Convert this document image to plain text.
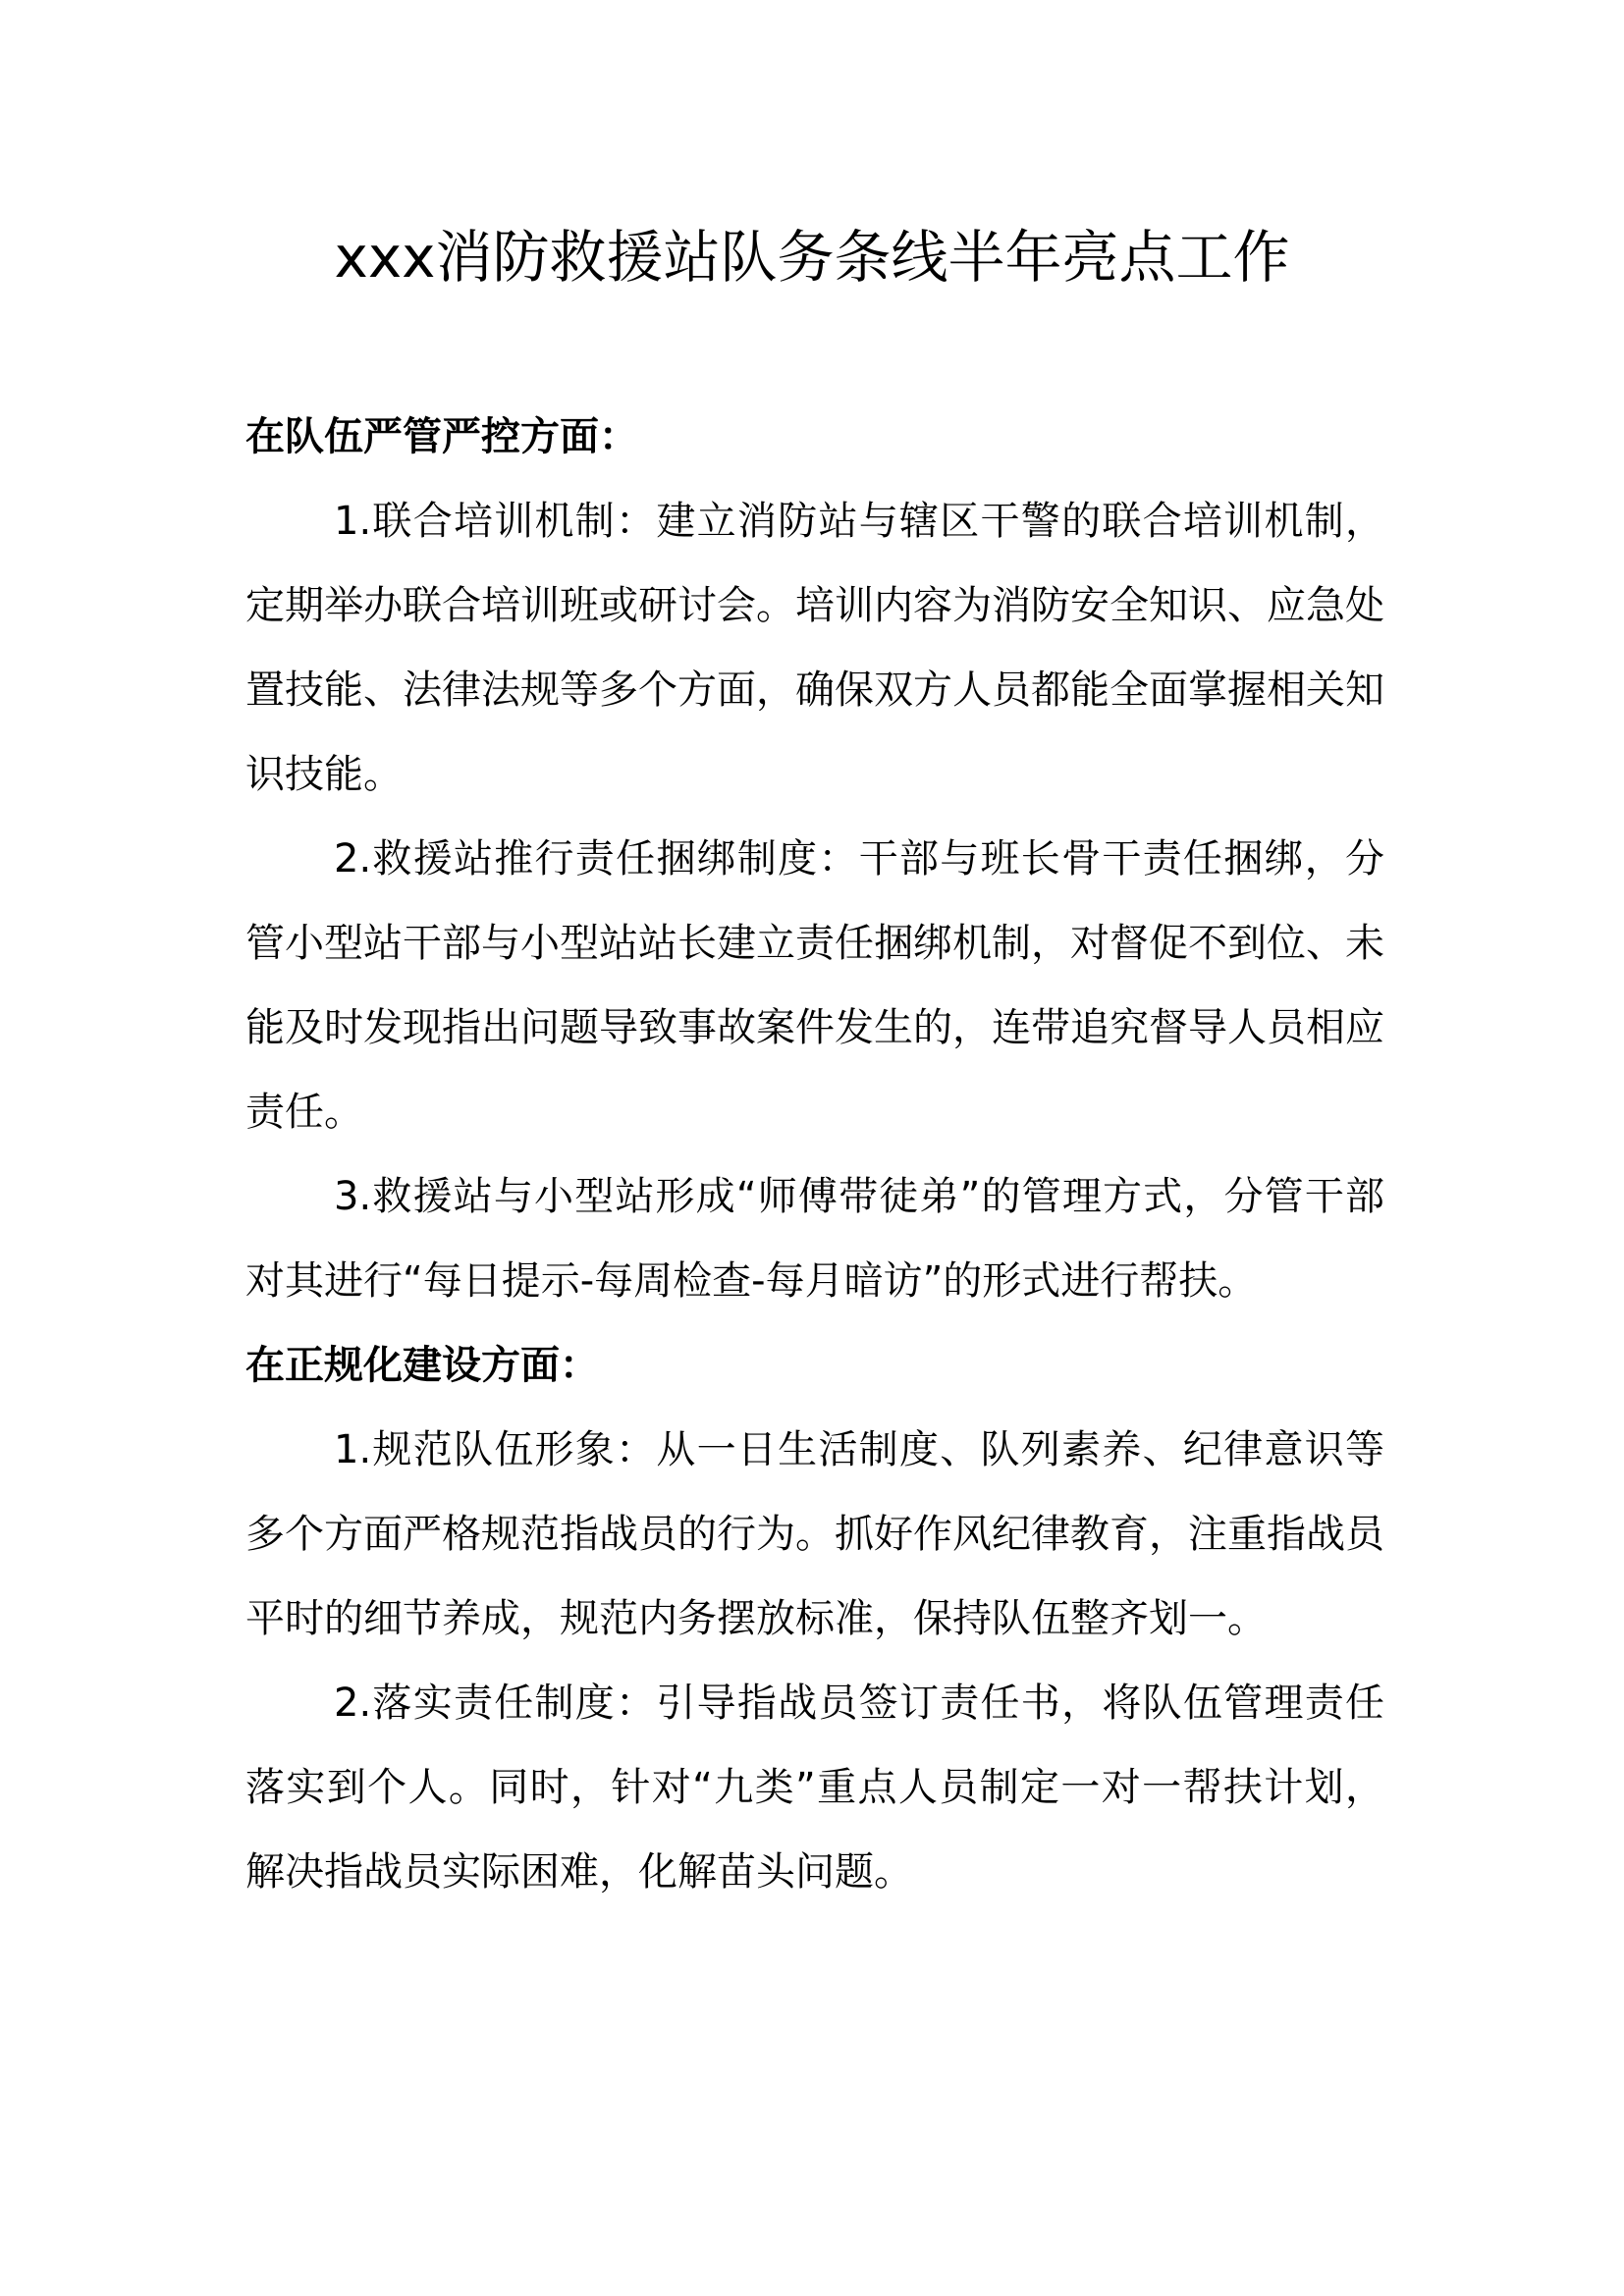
xxx消防救援站队务条线半年亮点工作

在队伍严管严控方面：

1.联合培训机制：建立消防站与辖区干警的联合培训机制，定期举办联合培训班或研讨会。培训内容为消防安全知识、应急处置技能、法律法规等多个方面，确保双方人员都能全面掌握相关知识技能。

2.救援站推行责任捆绑制度：干部与班长骨干责任捆绑，分管小型站干部与小型站站长建立责任捆绑机制，对督促不到位、未能及时发现指出问题导致事故案件发生的，连带追究督导人员相应责任。

3.救援站与小型站形成“师傅带徒弟”的管理方式，分管干部对其进行“每日提示-每周检查-每月暗访”的形式进行帮扶。

在正规化建设方面：

1.规范队伍形象：从一日生活制度、队列素养、纪律意识等多个方面严格规范指战员的行为。抓好作风纪律教育，注重指战员平时的细节养成，规范内务摆放标准，保持队伍整齐划一。

2.落实责任制度：引导指战员签订责任书，将队伍管理责任落实到个人。同时，针对“九类”重点人员制定一对一帮扶计划，解决指战员实际困难，化解苗头问题。
